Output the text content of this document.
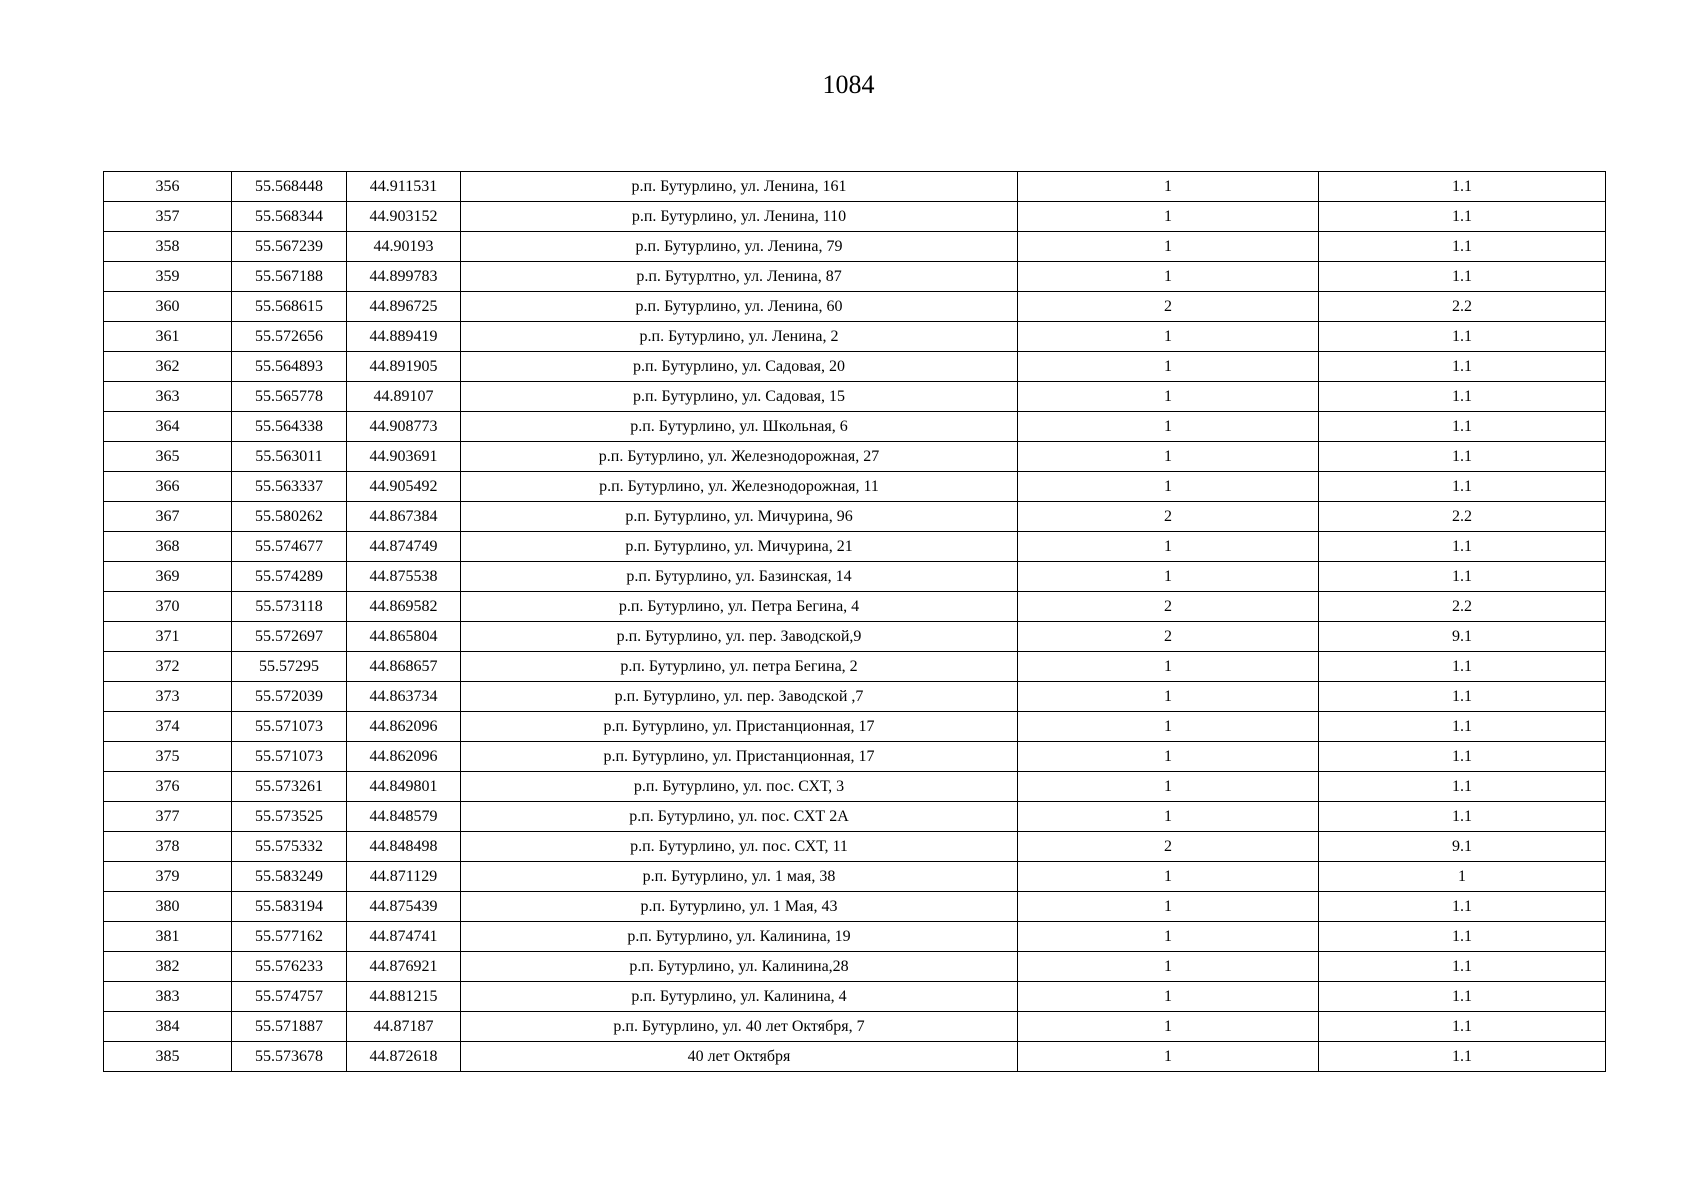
1084
356	55.568448	44.911531	р.п. Бутурлино, ул. Ленина, 161	1	1.1
357	55.568344	44.903152	р.п. Бутурлино, ул. Ленина, 110	1	1.1
358	55.567239	44.90193	р.п. Бутурлино, ул. Ленина, 79	1	1.1
359	55.567188	44.899783	р.п. Бутурлтно, ул. Ленина, 87	1	1.1
360	55.568615	44.896725	р.п. Бутурлино, ул. Ленина, 60	2	2.2
361	55.572656	44.889419	р.п. Бутурлино, ул. Ленина, 2	1	1.1
362	55.564893	44.891905	р.п. Бутурлино, ул. Садовая, 20	1	1.1
363	55.565778	44.89107	р.п. Бутурлино, ул. Садовая, 15	1	1.1
364	55.564338	44.908773	р.п. Бутурлино, ул. Школьная, 6	1	1.1
365	55.563011	44.903691	р.п. Бутурлино, ул. Железнодорожная, 27	1	1.1
366	55.563337	44.905492	р.п. Бутурлино, ул. Железнодорожная, 11	1	1.1
367	55.580262	44.867384	р.п. Бутурлино, ул. Мичурина, 96	2	2.2
368	55.574677	44.874749	р.п. Бутурлино, ул. Мичурина, 21	1	1.1
369	55.574289	44.875538	р.п. Бутурлино, ул. Базинская, 14	1	1.1
370	55.573118	44.869582	р.п. Бутурлино, ул. Петра Бегина, 4	2	2.2
371	55.572697	44.865804	р.п. Бутурлино, ул. пер. Заводской,9	2	9.1
372	55.57295	44.868657	р.п. Бутурлино, ул. петра Бегина, 2	1	1.1
373	55.572039	44.863734	р.п. Бутурлино, ул. пер. Заводской ,7	1	1.1
374	55.571073	44.862096	р.п. Бутурлино, ул. Пристанционная, 17	1	1.1
375	55.571073	44.862096	р.п. Бутурлино, ул. Пристанционная, 17	1	1.1
376	55.573261	44.849801	р.п. Бутурлино, ул. пос. СХТ, 3	1	1.1
377	55.573525	44.848579	р.п. Бутурлино, ул. пос. СХТ 2А	1	1.1
378	55.575332	44.848498	р.п. Бутурлино, ул. пос. СХТ, 11	2	9.1
379	55.583249	44.871129	р.п. Бутурлино, ул. 1 мая, 38	1	1
380	55.583194	44.875439	р.п. Бутурлино, ул. 1 Мая, 43	1	1.1
381	55.577162	44.874741	р.п. Бутурлино, ул. Калинина, 19	1	1.1
382	55.576233	44.876921	р.п. Бутурлино, ул. Калинина,28	1	1.1
383	55.574757	44.881215	р.п. Бутурлино, ул. Калинина, 4	1	1.1
384	55.571887	44.87187	р.п. Бутурлино, ул. 40 лет Октября, 7	1	1.1
385	55.573678	44.872618	40 лет Октября	1	1.1
